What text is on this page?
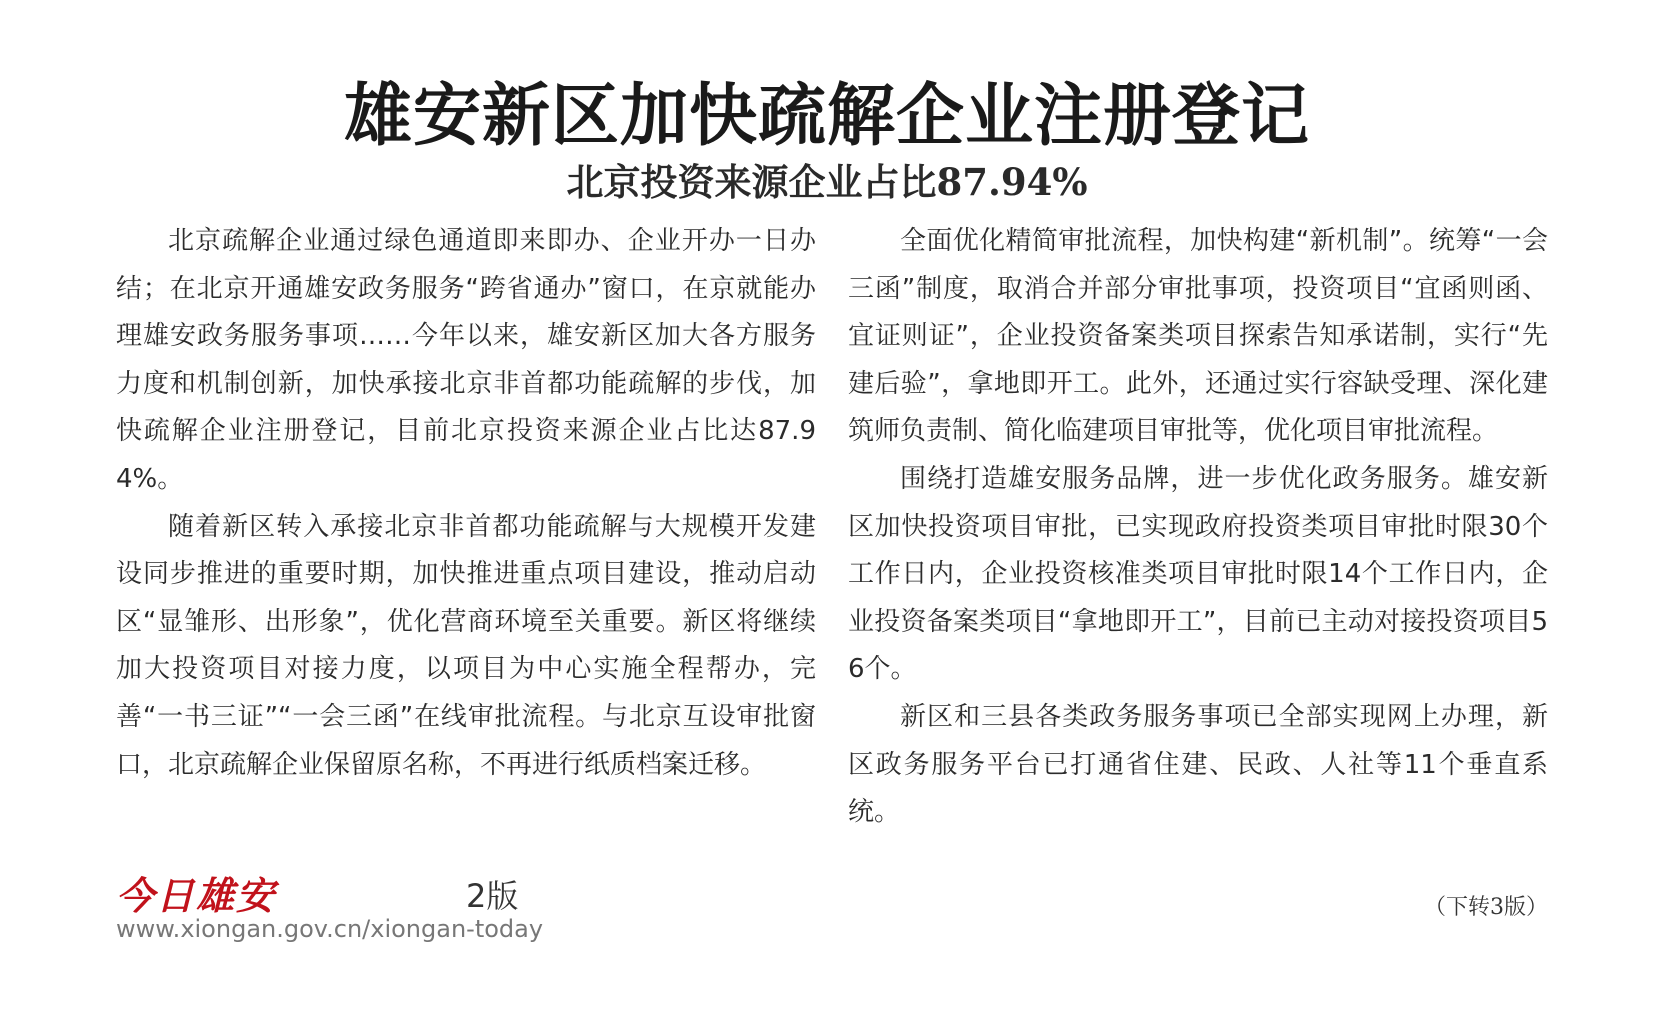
雄安新区加快疏解企业注册登记
北京投资来源企业占比87.94%

北京疏解企业通过绿色通道即来即办、企业开办一日办结；在北京开通雄安政务服务“跨省通办”窗口，在京就能办理雄安政务服务事项……今年以来，雄安新区加大各方服务力度和机制创新，加快承接北京非首都功能疏解的步伐，加快疏解企业注册登记，目前北京投资来源企业占比达87.94%。

随着新区转入承接北京非首都功能疏解与大规模开发建设同步推进的重要时期，加快推进重点项目建设，推动启动区“显雏形、出形象”，优化营商环境至关重要。新区将继续加大投资项目对接力度，以项目为中心实施全程帮办，完善“一书三证”“一会三函”在线审批流程。与北京互设审批窗口，北京疏解企业保留原名称，不再进行纸质档案迁移。

全面优化精简审批流程，加快构建“新机制”。统筹“一会三函”制度，取消合并部分审批事项，投资项目“宜函则函、宜证则证”，企业投资备案类项目探索告知承诺制，实行“先建后验”，拿地即开工。此外，还通过实行容缺受理、深化建筑师负责制、简化临建项目审批等，优化项目审批流程。

围绕打造雄安服务品牌，进一步优化政务服务。雄安新区加快投资项目审批，已实现政府投资类项目审批时限30个工作日内，企业投资核准类项目审批时限14个工作日内，企业投资备案类项目“拿地即开工”，目前已主动对接投资项目56个。

新区和三县各类政务服务事项已全部实现网上办理，新区政务服务平台已打通省住建、民政、人社等11个垂直系统。

今日雄安	2版
www.xiongan.gov.cn/xiongan-today
（下转3版）
